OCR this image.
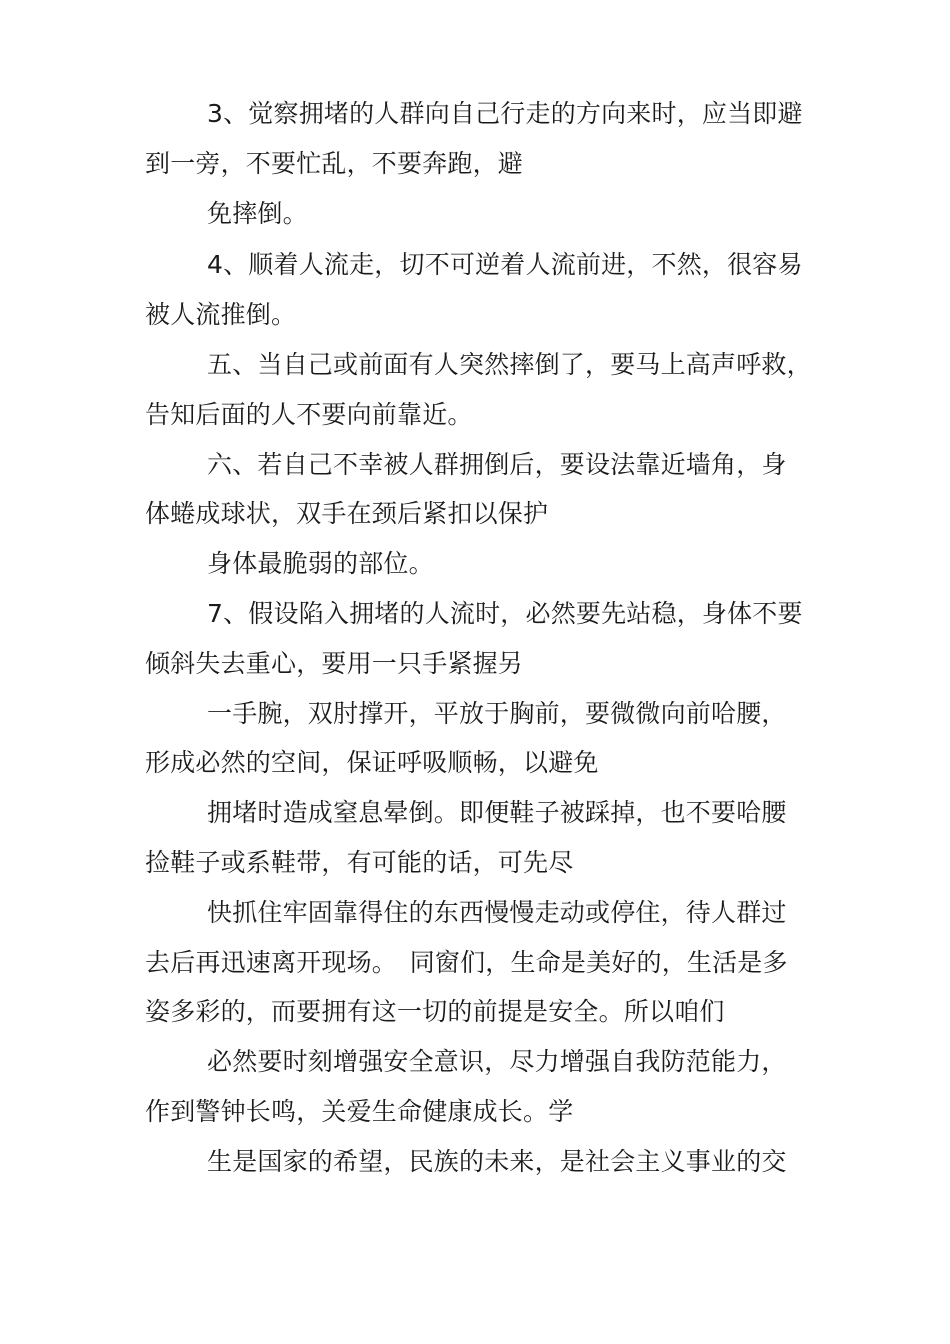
3、觉察拥堵的人群向自己行走的方向来时，应当即避
到一旁，不要忙乱，不要奔跑，避
免摔倒。
4、顺着人流走，切不可逆着人流前进，不然，很容易
被人流推倒。
五、当自己或前面有人突然摔倒了，要马上高声呼救，
告知后面的人不要向前靠近。
六、若自己不幸被人群拥倒后，要设法靠近墙角，身
体蜷成球状，双手在颈后紧扣以保护
身体最脆弱的部位。
7、假设陷入拥堵的人流时，必然要先站稳，身体不要
倾斜失去重心，要用一只手紧握另
一手腕，双肘撑开，平放于胸前，要微微向前哈腰，
形成必然的空间，保证呼吸顺畅，以避免
拥堵时造成窒息晕倒。即便鞋子被踩掉，也不要哈腰
捡鞋子或系鞋带，有可能的话，可先尽
快抓住牢固靠得住的东西慢慢走动或停住，待人群过
去后再迅速离开现场。　同窗们，生命是美好的，生活是多
姿多彩的，而要拥有这一切的前提是安全。所以咱们
必然要时刻增强安全意识，尽力增强自我防范能力，
作到警钟长鸣，关爱生命健康成长。学
生是国家的希望，民族的未来，是社会主义事业的交
